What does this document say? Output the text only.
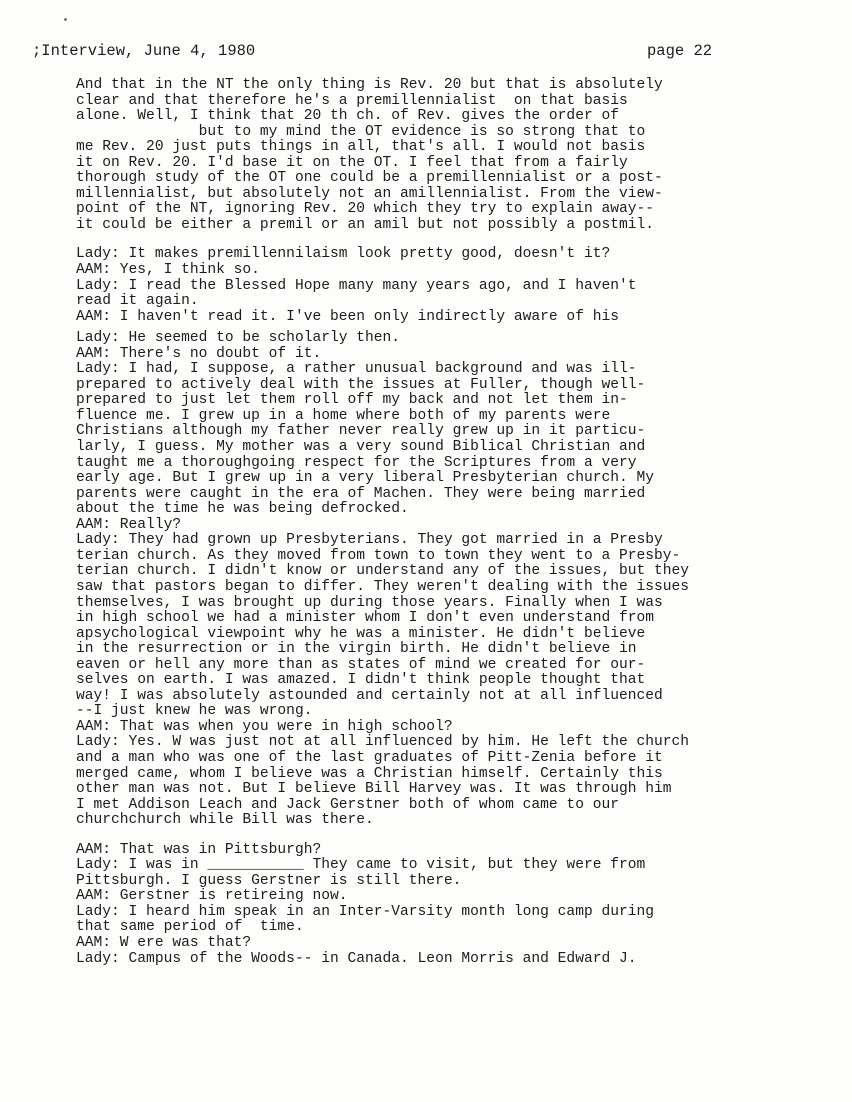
;Interview, June 4, 1980

	page 22

And that in the NT the only thing is Rev. 20 but that is absolutely
clear and that therefore he's a premillennialist  on that basis
alone. Well, I think that 20 th ch. of Rev. gives the order of
but to my mind the OT evidence is so strong that to
me Rev. 20 just puts things in all, that's all. I would not basis
it on Rev. 20. I'd base it on the OT. I feel that from a fairly
thorough study of the OT one could be a premillennialist or a post-
millennialist, but absolutely not an amillennialist. From the view-
point of the NT, ignoring Rev. 20 which they try to explain away--
it could be either a premil or an amil but not possibly a postmil.
Lady: It makes premillennilaism look pretty good, doesn't it?
AAM: Yes, I think so.
Lady: I read the Blessed Hope many many years ago, and I haven't
read it again.
AAM: I haven't read it. I've been only indirectly aware of his
Lady: He seemed to be scholarly then.
AAM: There's no doubt of it.
Lady: I had, I suppose, a rather unusual background and was ill-
prepared to actively deal with the issues at Fuller, though well-
prepared to just let them roll off my back and not let them in-
fluence me. I grew up in a home where both of my parents were
Christians although my father never really grew up in it particu-
larly, I guess. My mother was a very sound Biblical Christian and
taught me a thoroughgoing respect for the Scriptures from a very
early age. But I grew up in a very liberal Presbyterian church. My
parents were caught in the era of Machen. They were being married
about the time he was being defrocked.
AAM: Really?
Lady: They had grown up Presbyterians. They got married in a Presby
terian church. As they moved from town to town they went to a Presby-
terian church. I didn't know or understand any of the issues, but they
saw that pastors began to differ. They weren't dealing with the issues
themselves, I was brought up during those years. Finally when I was
in high school we had a minister whom I don't even understand from
apsychological viewpoint why he was a minister. He didn't believe
in the resurrection or in the virgin birth. He didn't believe in
eaven or hell any more than as states of mind we created for our-
selves on earth. I was amazed. I didn't think people thought that
way! I was absolutely astounded and certainly not at all influenced
--I just knew he was wrong.
AAM: That was when you were in high school?
Lady: Yes. W was just not at all influenced by him. He left the church
and a man who was one of the last graduates of Pitt-Zenia before it
merged came, whom I believe was a Christian himself. Certainly this
other man was not. But I believe Bill Harvey was. It was through him
I met Addison Leach and Jack Gerstner both of whom came to our
churchchurch while Bill was there.
AAM: That was in Pittsburgh?
Lady: I was in ___________ They came to visit, but they were from
Pittsburgh. I guess Gerstner is still there.
AAM: Gerstner is retireing now.
Lady: I heard him speak in an Inter-Varsity month long camp during
that same period of  time.
AAM: W ere was that?
Lady: Campus of the Woods-- in Canada. Leon Morris and Edward J.
